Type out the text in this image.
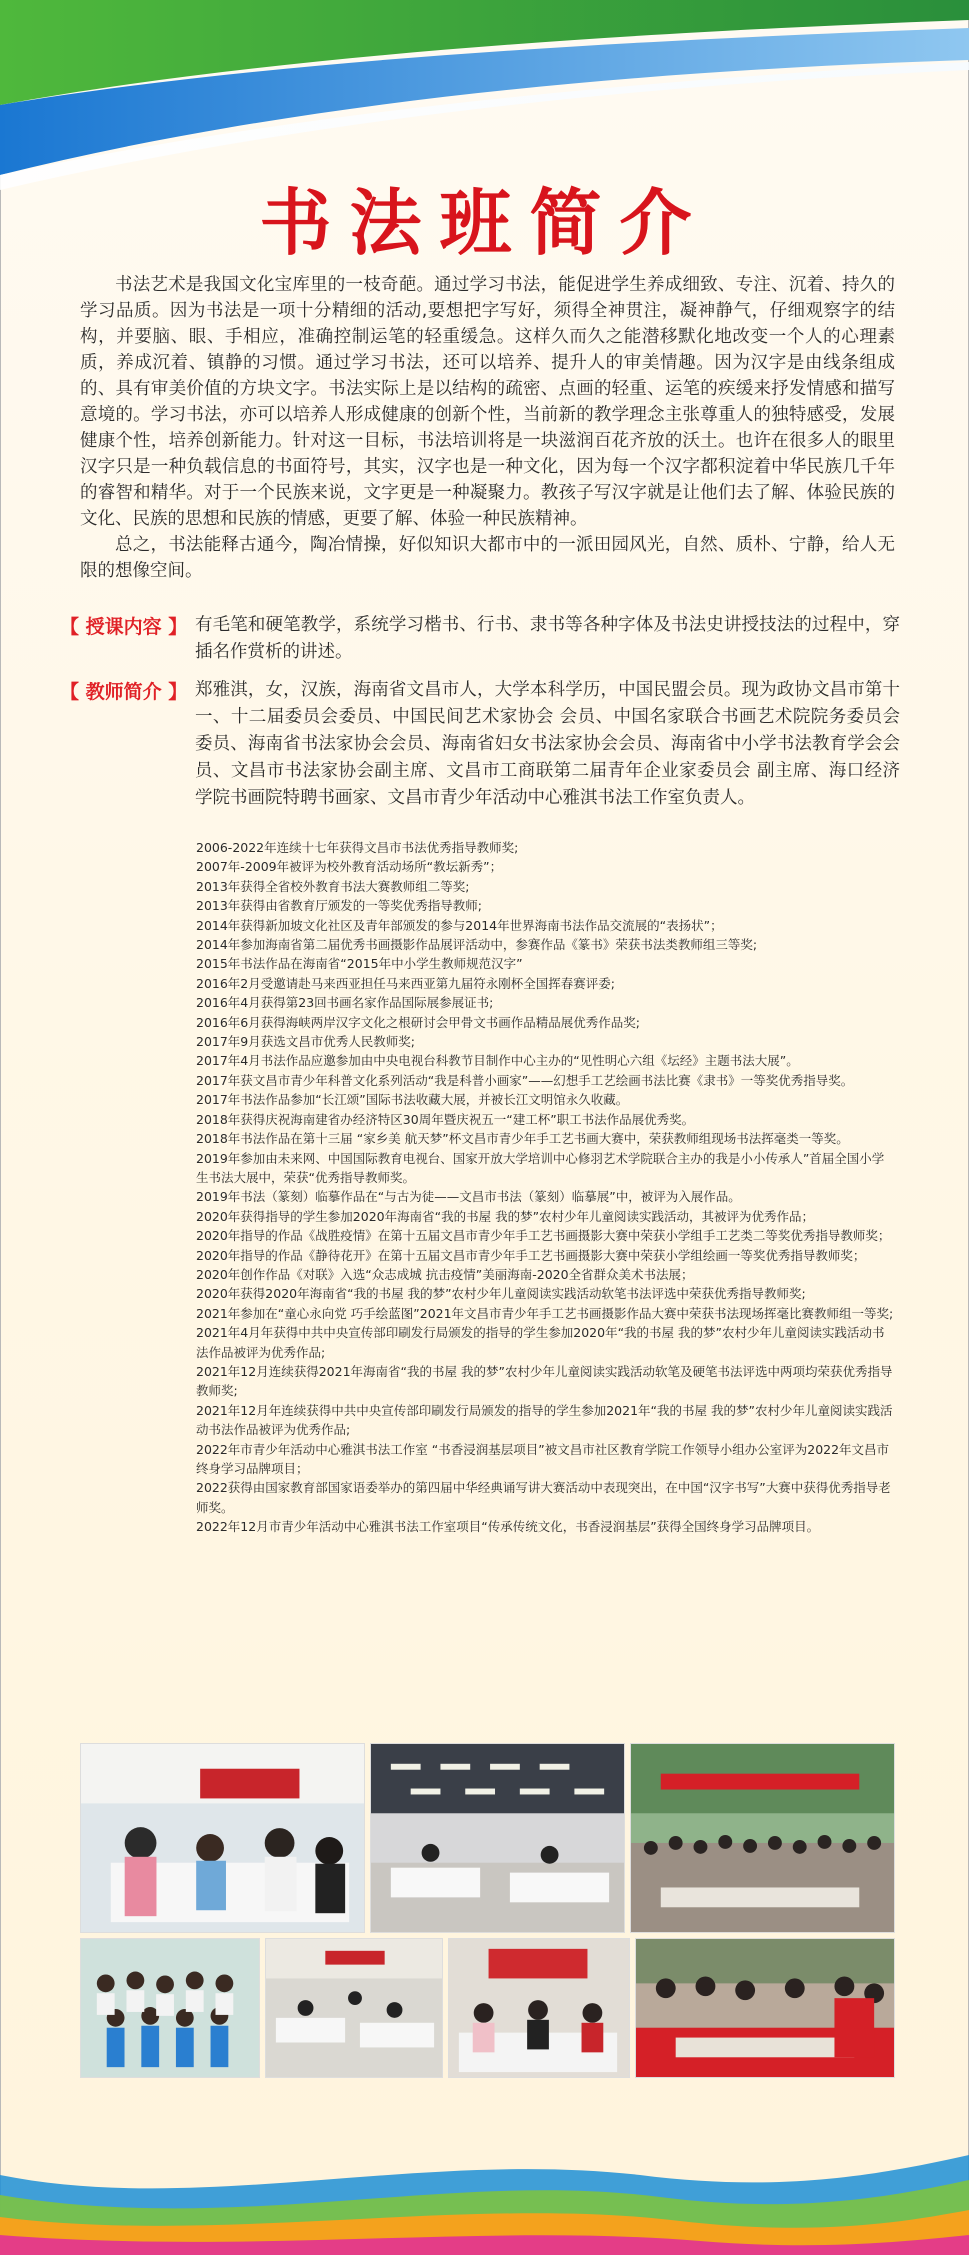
书法班简介

书法艺术是我国文化宝库里的一枝奇葩。通过学习书法，能促进学生养成细致、专注、沉着、持久的学习品质。因为书法是一项十分精细的活动,要想把字写好，须得全神贯注，凝神静气，仔细观察字的结构，并要脑、眼、手相应，准确控制运笔的轻重缓急。这样久而久之能潜移默化地改变一个人的心理素质，养成沉着、镇静的习惯。通过学习书法，还可以培养、提升人的审美情趣。因为汉字是由线条组成的、具有审美价值的方块文字。书法实际上是以结构的疏密、点画的轻重、运笔的疾缓来抒发情感和描写意境的。学习书法，亦可以培养人形成健康的创新个性，当前新的教学理念主张尊重人的独特感受，发展健康个性，培养创新能力。针对这一目标，书法培训将是一块滋润百花齐放的沃土。也许在很多人的眼里汉字只是一种负载信息的书面符号，其实，汉字也是一种文化，因为每一个汉字都积淀着中华民族几千年的睿智和精华。对于一个民族来说，文字更是一种凝聚力。教孩子写汉字就是让他们去了解、体验民族的文化、民族的思想和民族的情感，更要了解、体验一种民族精神。

总之，书法能释古通今，陶冶情操，好似知识大都市中的一派田园风光，自然、质朴、宁静，给人无限的想像空间。

【 授课内容 】 有毛笔和硬笔教学，系统学习楷书、行书、隶书等各种字体及书法史讲授技法的过程中，穿插名作赏析的讲述。
【 教师简介 】 郑雅淇，女，汉族，海南省文昌市人，大学本科学历，中国民盟会员。现为政协文昌市第十一、十二届委员会委员、中国民间艺术家协会 会员、中国名家联合书画艺术院院务委员会委员、海南省书法家协会会员、海南省妇女书法家协会会员、海南省中小学书法教育学会会员、文昌市书法家协会副主席、文昌市工商联第二届青年企业家委员会 副主席、海口经济学院书画院特聘书画家、文昌市青少年活动中心雅淇书法工作室负责人。
2006-2022年连续十七年获得文昌市书法优秀指导教师奖;
2007年-2009年被评为校外教育活动场所“教坛新秀”；
2013年获得全省校外教育书法大赛教师组二等奖;
2013年获得由省教育厅颁发的一等奖优秀指导教师;
2014年获得新加坡文化社区及青年部颁发的参与2014年世界海南书法作品交流展的“表扬状”；
2014年参加海南省第二届优秀书画摄影作品展评活动中，参赛作品《篆书》荣获书法类教师组三等奖;
2015年书法作品在海南省“2015年中小学生教师规范汉字”
2016年2月受邀请赴马来西亚担任马来西亚第九届符永刚杯全国挥春赛评委;
2016年4月获得第23回书画名家作品国际展参展证书;
2016年6月获得海峡两岸汉字文化之根研讨会甲骨文书画作品精品展优秀作品奖;
2017年9月获选文昌市优秀人民教师奖;
2017年4月书法作品应邀参加由中央电视台科教节目制作中心主办的“见性明心六组《坛经》主题书法大展”。
2017年获文昌市青少年科普文化系列活动“我是科普小画家”——幻想手工艺绘画书法比赛《隶书》一等奖优秀指导奖。
2017年书法作品参加“长江颂”国际书法收藏大展，并被长江文明馆永久收藏。
2018年获得庆祝海南建省办经济特区30周年暨庆祝五一“建工杯”职工书法作品展优秀奖。
2018年书法作品在第十三届 “家乡美 航天梦”杯文昌市青少年手工艺书画大赛中，荣获教师组现场书法挥毫类一等奖。
2019年参加由未来网、中国国际教育电视台、国家开放大学培训中心修羽艺术学院联合主办的我是小小传承人”首届全国小学生书法大展中，荣获“优秀指导教师奖。
2019年书法（篆刻）临摹作品在“与古为徒——文昌市书法（篆刻）临摹展”中，被评为入展作品。
2020年获得指导的学生参加2020年海南省“我的书屋 我的梦”农村少年儿童阅读实践活动，其被评为优秀作品；
2020年指导的作品《战胜疫情》在第十五届文昌市青少年手工艺书画摄影大赛中荣获小学组手工艺类二等奖优秀指导教师奖；
2020年指导的作品《静待花开》在第十五届文昌市青少年手工艺书画摄影大赛中荣获小学组绘画一等奖优秀指导教师奖；
2020年创作作品《对联》入选“众志成城 抗击疫情”美丽海南-2020全省群众美术书法展；
2020年获得2020年海南省“我的书屋 我的梦”农村少年儿童阅读实践活动软笔书法评选中荣获优秀指导教师奖;
2021年参加在“童心永向党 巧手绘蓝图”2021年文昌市青少年手工艺书画摄影作品大赛中荣获书法现场挥毫比赛教师组一等奖;
2021年4月年获得中共中央宣传部印刷发行局颁发的指导的学生参加2020年“我的书屋 我的梦”农村少年儿童阅读实践活动书法作品被评为优秀作品;
2021年12月连续获得2021年海南省“我的书屋 我的梦”农村少年儿童阅读实践活动软笔及硬笔书法评选中两项均荣获优秀指导教师奖;
2021年12月年连续获得中共中央宣传部印刷发行局颁发的指导的学生参加2021年“我的书屋 我的梦”农村少年儿童阅读实践活动书法作品被评为优秀作品;
2022年市青少年活动中心雅淇书法工作室 “书香浸润基层项目”被文昌市社区教育学院工作领导小组办公室评为2022年文昌市终身学习品牌项目；
2022获得由国家教育部国家语委举办的第四届中华经典诵写讲大赛活动中表现突出，在中国“汉字书写”大赛中获得优秀指导老师奖。
2022年12月市青少年活动中心雅淇书法工作室项目“传承传统文化，书香浸润基层”获得全国终身学习品牌项目。
